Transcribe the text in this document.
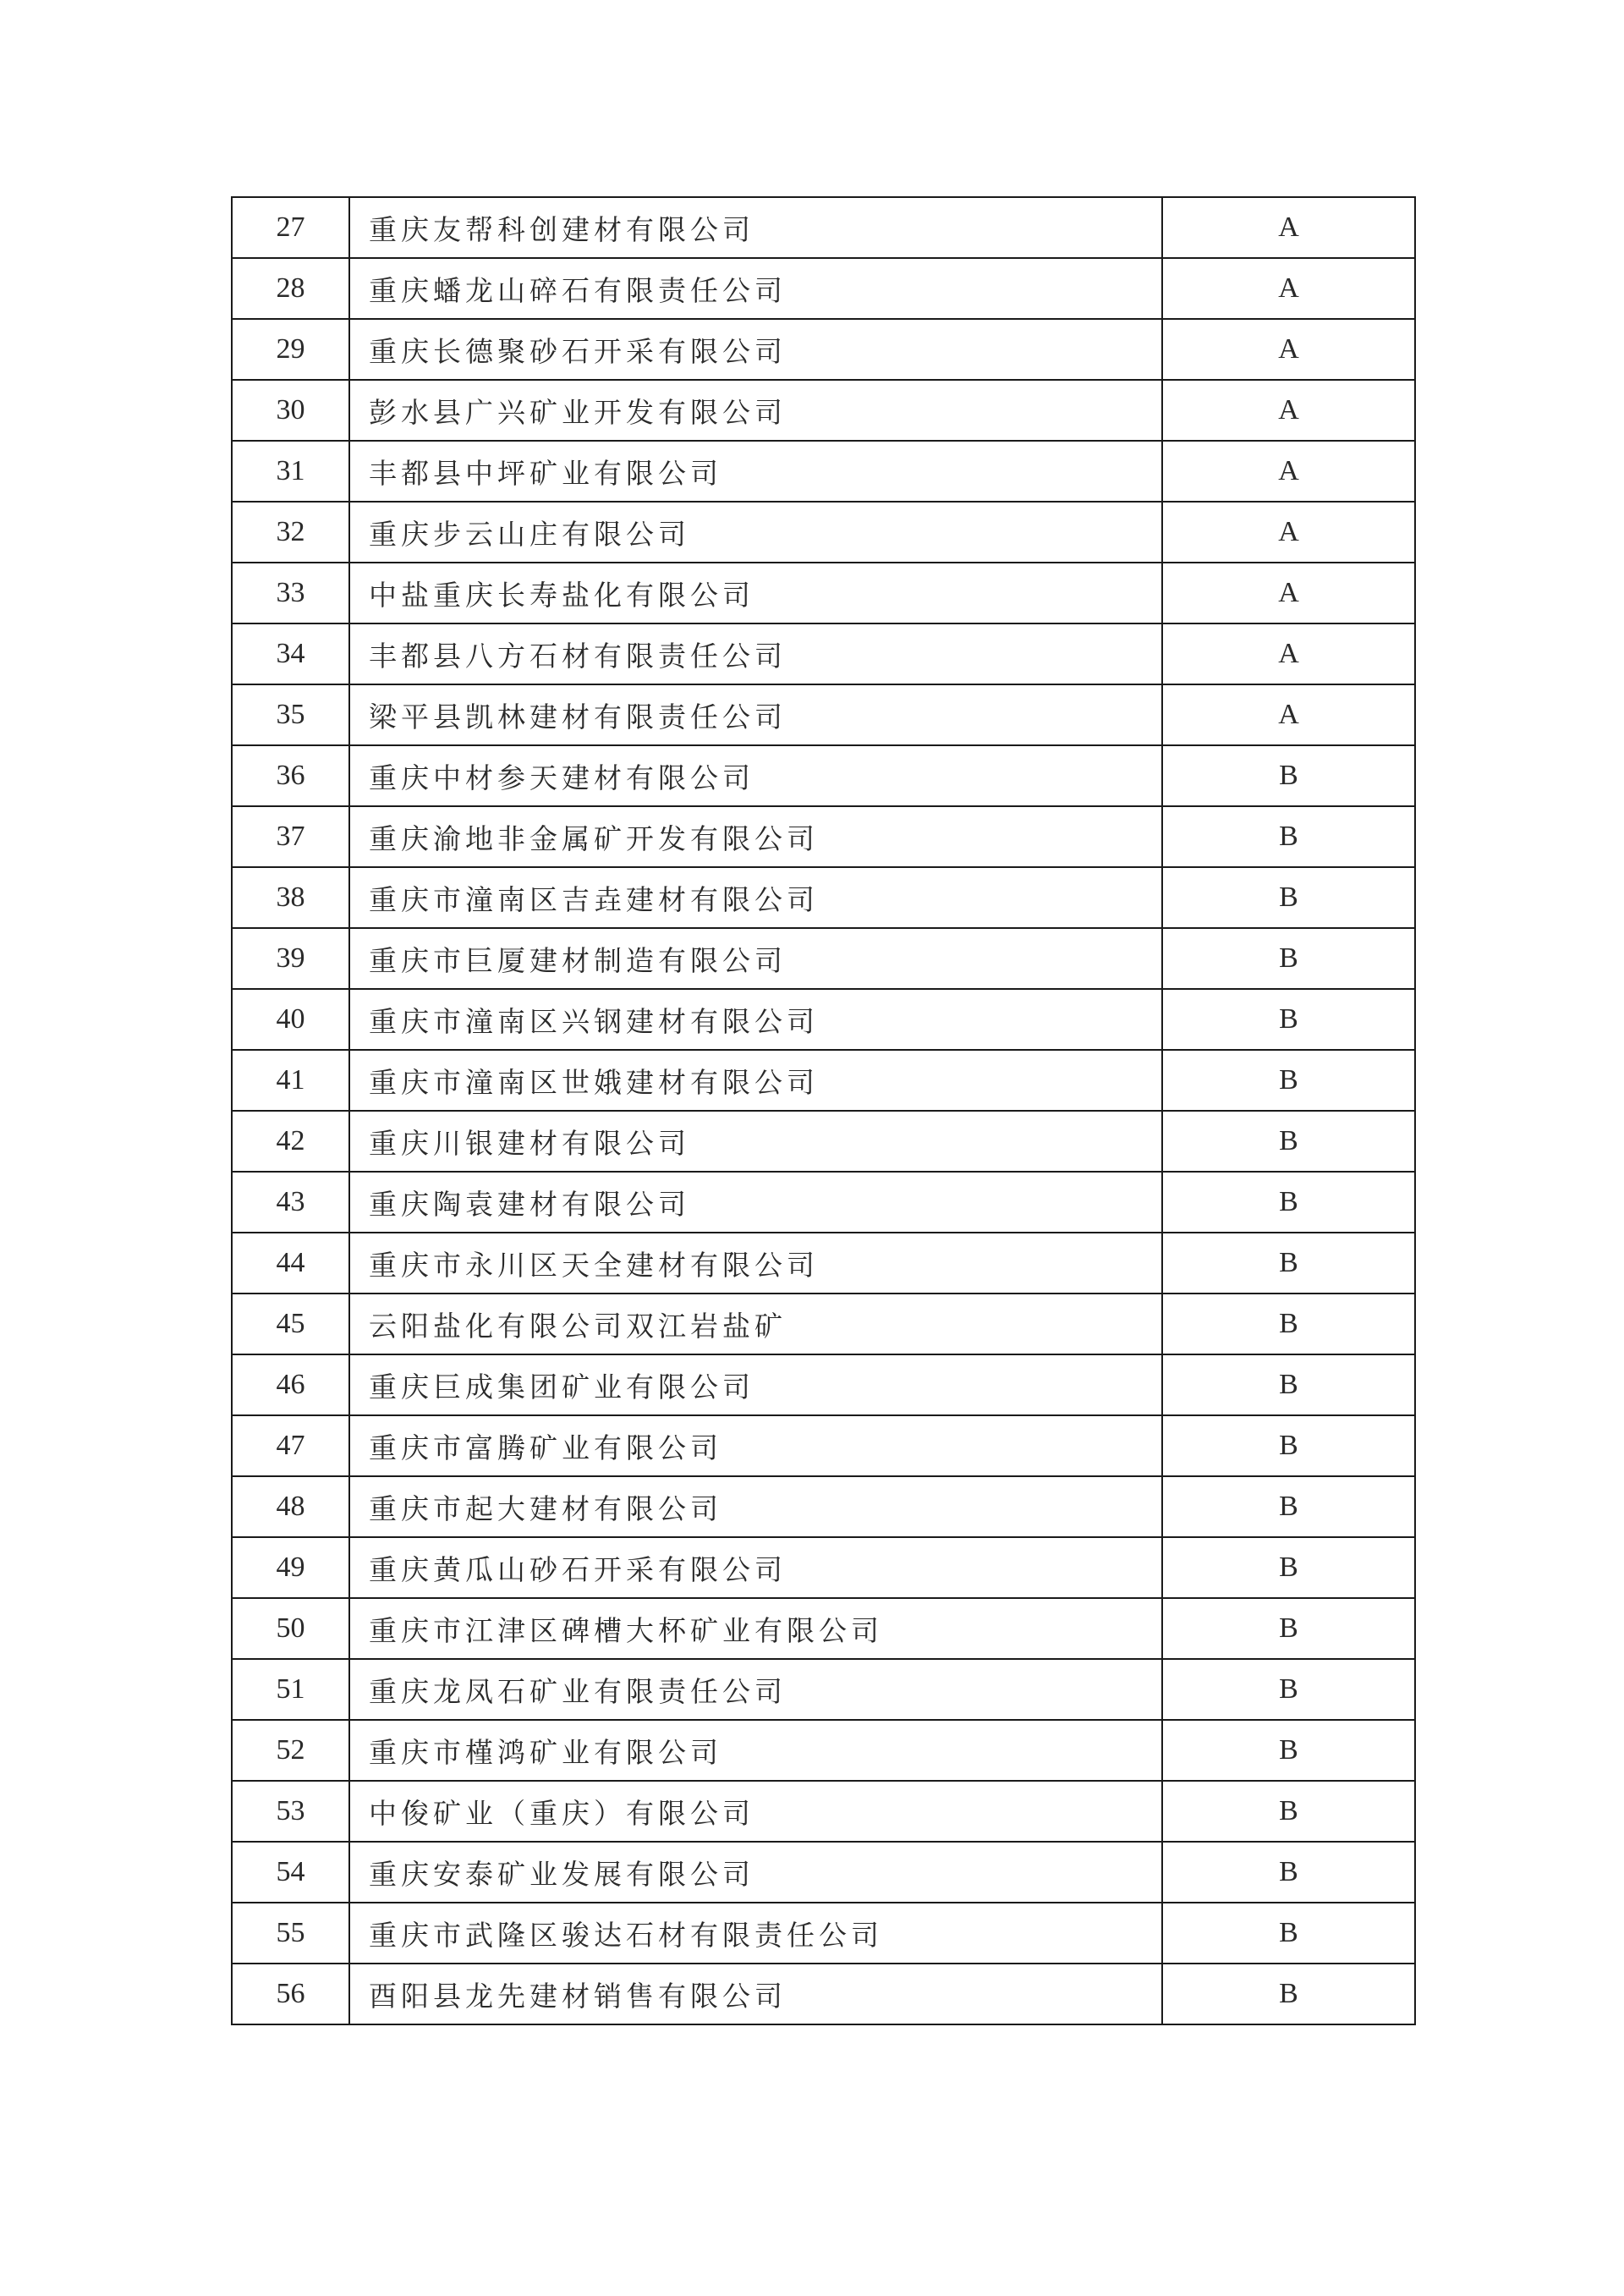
27	重庆友帮科创建材有限公司	A
28	重庆蟠龙山碎石有限责任公司	A
29	重庆长德聚砂石开采有限公司	A
30	彭水县广兴矿业开发有限公司	A
31	丰都县中坪矿业有限公司	A
32	重庆步云山庄有限公司	A
33	中盐重庆长寿盐化有限公司	A
34	丰都县八方石材有限责任公司	A
35	梁平县凯林建材有限责任公司	A
36	重庆中材参天建材有限公司	B
37	重庆渝地非金属矿开发有限公司	B
38	重庆市潼南区吉垚建材有限公司	B
39	重庆市巨厦建材制造有限公司	B
40	重庆市潼南区兴钢建材有限公司	B
41	重庆市潼南区世娥建材有限公司	B
42	重庆川银建材有限公司	B
43	重庆陶袁建材有限公司	B
44	重庆市永川区天全建材有限公司	B
45	云阳盐化有限公司双江岩盐矿	B
46	重庆巨成集团矿业有限公司	B
47	重庆市富腾矿业有限公司	B
48	重庆市起大建材有限公司	B
49	重庆黄瓜山砂石开采有限公司	B
50	重庆市江津区碑槽大杯矿业有限公司	B
51	重庆龙凤石矿业有限责任公司	B
52	重庆市槿鸿矿业有限公司	B
53	中俊矿业（重庆）有限公司	B
54	重庆安泰矿业发展有限公司	B
55	重庆市武隆区骏达石材有限责任公司	B
56	酉阳县龙先建材销售有限公司	B
